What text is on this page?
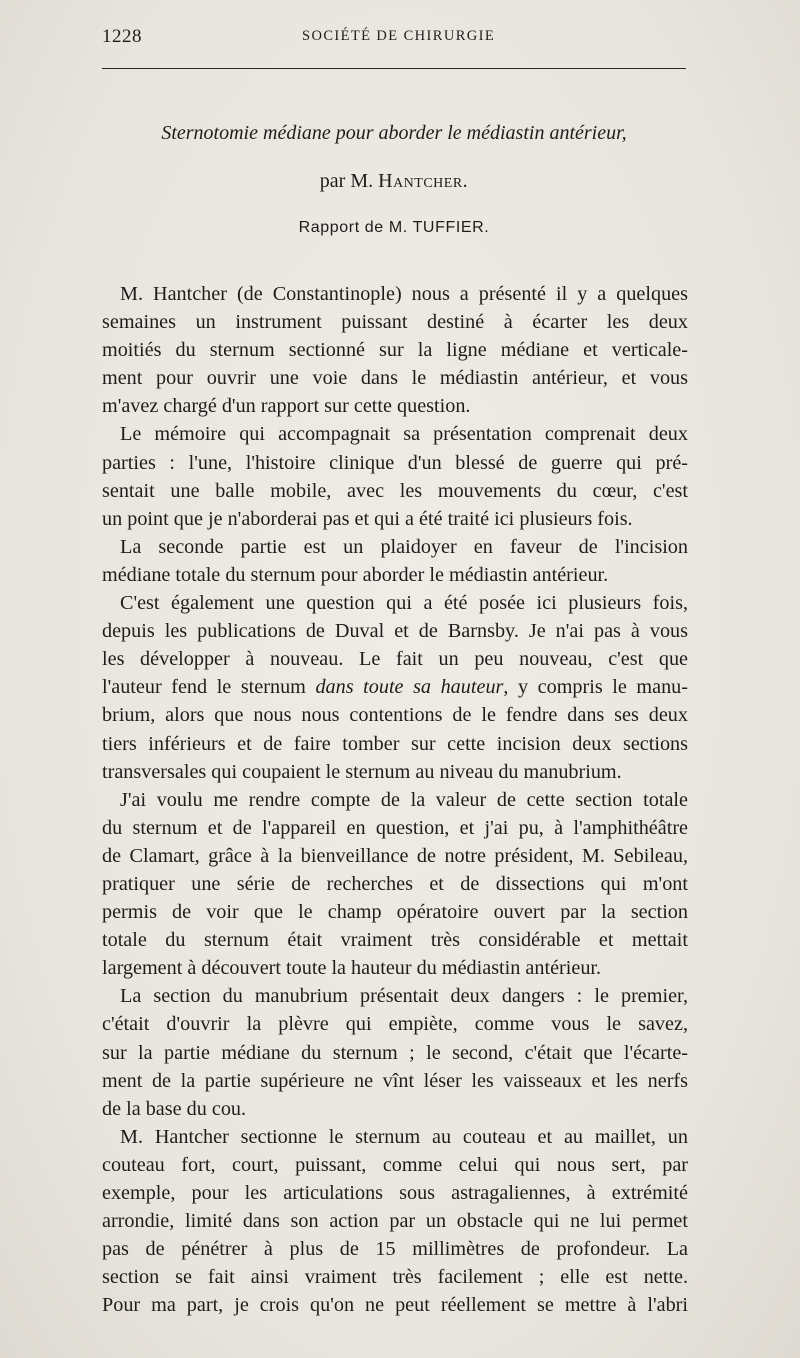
1228	SOCIÉTÉ DE CHIRURGIE
Sternotomie médiane pour aborder le médiastin antérieur,
par M. Hantcher.
Rapport de M. TUFFIER.
M. Hantcher (de Constantinople) nous a présenté il y a quelques
semaines un instrument puissant destiné à écarter les deux
moitiés du sternum sectionné sur la ligne médiane et verticale-
ment pour ouvrir une voie dans le médiastin antérieur, et vous
m'avez chargé d'un rapport sur cette question.
Le mémoire qui accompagnait sa présentation comprenait deux
parties : l'une, l'histoire clinique d'un blessé de guerre qui pré-
sentait une balle mobile, avec les mouvements du cœur, c'est
un point que je n'aborderai pas et qui a été traité ici plusieurs fois.
La seconde partie est un plaidoyer en faveur de l'incision
médiane totale du sternum pour aborder le médiastin antérieur.
C'est également une question qui a été posée ici plusieurs fois,
depuis les publications de Duval et de Barnsby. Je n'ai pas à vous
les développer à nouveau. Le fait un peu nouveau, c'est que
l'auteur fend le sternum dans toute sa hauteur, y compris le manu-
brium, alors que nous nous contentions de le fendre dans ses deux
tiers inférieurs et de faire tomber sur cette incision deux sections
transversales qui coupaient le sternum au niveau du manubrium.
J'ai voulu me rendre compte de la valeur de cette section totale
du sternum et de l'appareil en question, et j'ai pu, à l'amphithéâtre
de Clamart, grâce à la bienveillance de notre président, M. Sebileau,
pratiquer une série de recherches et de dissections qui m'ont
permis de voir que le champ opératoire ouvert par la section
totale du sternum était vraiment très considérable et mettait
largement à découvert toute la hauteur du médiastin antérieur.
La section du manubrium présentait deux dangers : le premier,
c'était d'ouvrir la plèvre qui empiète, comme vous le savez,
sur la partie médiane du sternum ; le second, c'était que l'écarte-
ment de la partie supérieure ne vînt léser les vaisseaux et les nerfs
de la base du cou.
M. Hantcher sectionne le sternum au couteau et au maillet, un
couteau fort, court, puissant, comme celui qui nous sert, par
exemple, pour les articulations sous astragaliennes, à extrémité
arrondie, limité dans son action par un obstacle qui ne lui permet
pas de pénétrer à plus de 15 millimètres de profondeur. La
section se fait ainsi vraiment très facilement ; elle est nette.
Pour ma part, je crois qu'on ne peut réellement se mettre à l'abri
